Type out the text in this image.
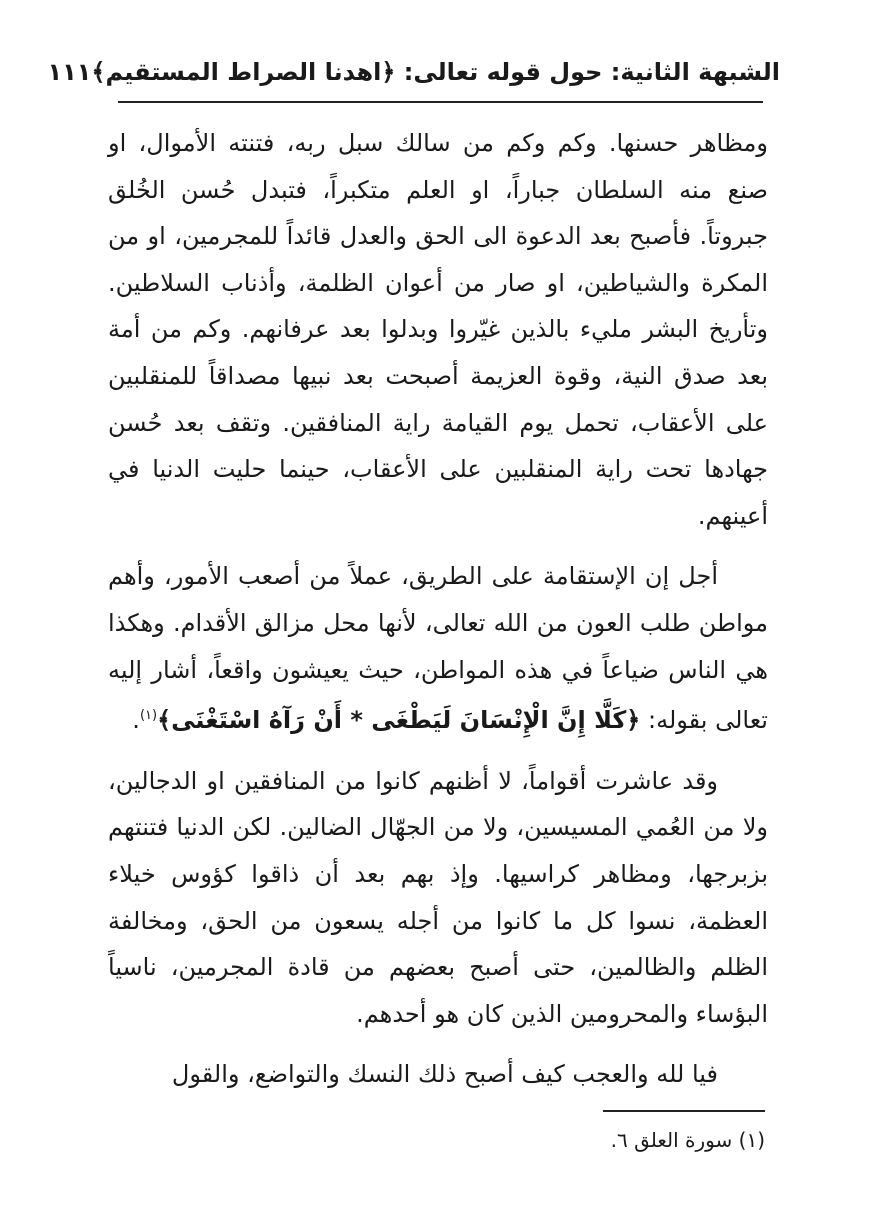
الشبهة الثانية: حول قوله تعالى: ﴿اهدنا الصراط المستقيم﴾
١١١

ومظاهر حسنها. وكم وكم من سالك سبل ربه، فتنته الأموال، او صنع منه السلطان جباراً، او العلم متكبراً، فتبدل حُسن الخُلق جبروتاً. فأصبح بعد الدعوة الى الحق والعدل قائداً للمجرمين، او من المكرة والشياطين، او صار من أعوان الظلمة، وأذناب السلاطين. وتأريخ البشر مليء بالذين غيّروا وبدلوا بعد عرفانهم. وكم من أمة بعد صدق النية، وقوة العزيمة أصبحت بعد نبيها مصداقاً للمنقلبين على الأعقاب، تحمل يوم القيامة راية المنافقين. وتقف بعد حُسن جهادها تحت راية المنقلبين على الأعقاب، حينما حليت الدنيا في أعينهم.

أجل إن الإستقامة على الطريق، عملاً من أصعب الأمور، وأهم مواطن طلب العون من الله تعالى، لأنها محل مزالق الأقدام. وهكذا هي الناس ضياعاً في هذه المواطن، حيث يعيشون واقعاً، أشار إليه تعالى بقوله: ﴿كَلَّا إِنَّ الْإِنْسَانَ لَيَطْغَى * أَنْ رَآهُ اسْتَغْنَى﴾$^{(١)}$.

وقد عاشرت أقواماً، لا أظنهم كانوا من المنافقين او الدجالين، ولا من العُمي المسيسين، ولا من الجهّال الضالين. لكن الدنيا فتنتهم بزبرجها، ومظاهر كراسيها. وإذ بهم بعد أن ذاقوا كؤوس خيلاء العظمة، نسوا كل ما كانوا من أجله يسعون من الحق، ومخالفة الظلم والظالمين، حتى أصبح بعضهم من قادة المجرمين، ناسياً البؤساء والمحرومين الذين كان هو أحدهم.

فيا لله والعجب كيف أصبح ذلك النسك والتواضع، والقول

(١) سورة العلق ٦.
